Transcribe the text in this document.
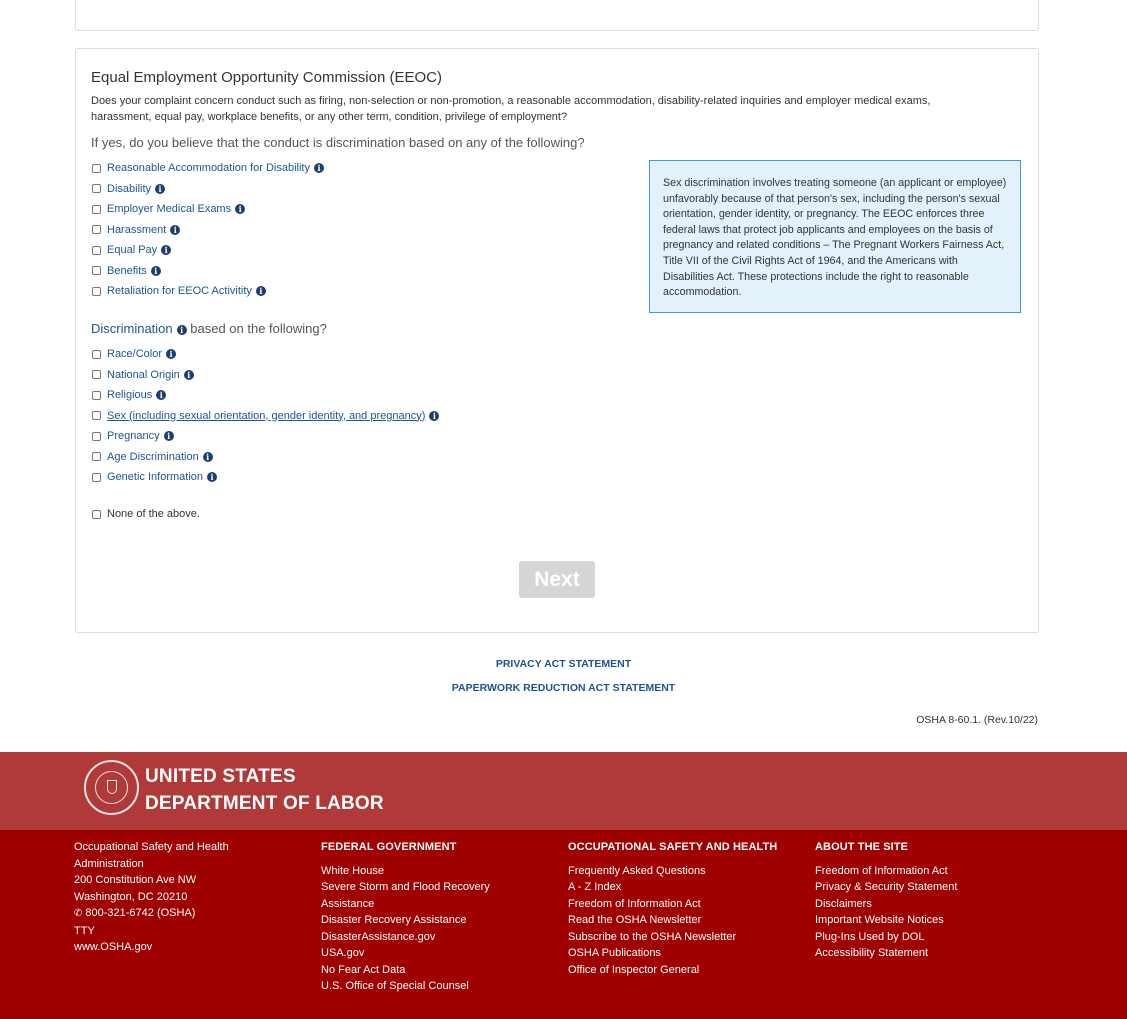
Equal Employment Opportunity Commission (EEOC)

Does your complaint concern conduct such as firing, non-selection or non-promotion, a reasonable accommodation, disability-related inquiries and employer medical exams, harassment, equal pay, workplace benefits, or any other term, condition, privilege of employment?

If yes, do you believe that the conduct is discrimination based on any of the following?

Reasonable Accommodation for Disability i
Disability i
Employer Medical Exams i
Harassment i
Equal Pay i
Benefits i
Retaliation for EEOC Activitity i

Discrimination i based on the following?

Race/Color i
National Origin i
Religious i
Sex (including sexual orientation, gender identity, and pregnancy) i
Pregnancy i
Age Discrimination i
Genetic Information i
None of the above.
Sex discrimination involves treating someone (an applicant or employee) unfavorably because of that person's sex, including the person's sexual orientation, gender identity, or pregnancy. The EEOC enforces three federal laws that protect job applicants and employees on the basis of pregnancy and related conditions – The Pregnant Workers Fairness Act, Title VII of the Civil Rights Act of 1964, and the Americans with Disabilities Act. These protections include the right to reasonable accommodation.
Next
PRIVACY ACT STATEMENT
PAPERWORK REDUCTION ACT STATEMENT
OSHA 8-60.1. (Rev.10/22)
UNITED STATES
DEPARTMENT OF LABOR
Occupational Safety and Health Administration
200 Constitution Ave NW
Washington, DC 20210
✆ 800-321-6742 (OSHA)
TTY
www.OSHA.gov
FEDERAL GOVERNMENT
White House
Severe Storm and Flood Recovery Assistance
Disaster Recovery Assistance
DisasterAssistance.gov
USA.gov
No Fear Act Data
U.S. Office of Special Counsel
OCCUPATIONAL SAFETY AND HEALTH
Frequently Asked Questions
A - Z Index
Freedom of Information Act
Read the OSHA Newsletter
Subscribe to the OSHA Newsletter
OSHA Publications
Office of Inspector General
ABOUT THE SITE
Freedom of Information Act
Privacy & Security Statement
Disclaimers
Important Website Notices
Plug-Ins Used by DOL
Accessibility Statement
